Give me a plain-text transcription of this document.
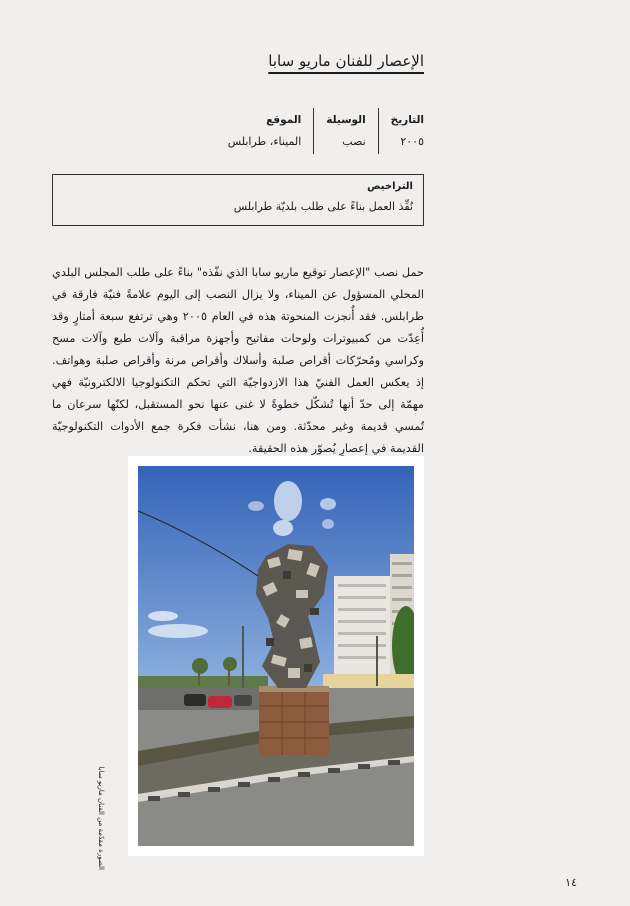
الإعصار للفنان ماريو سابا
التاريخ
٢٠٠٥
الوسيلة
نصب
الموقع
الميناء، طرابلس
التراخيص
نُفِّذ العمل بناءً على طلب بلديّة طرابلس
حمل نصب "الإعصار توقيع ماريو سابا الذي نفّذه" بناءً على طلب المجلس البلدي المحلي المسؤول عن الميناء، ولا يزال النصب إلى اليوم علامةً فنيّة فارقة في طرابلس. فقد أُنجزت المنحوتة هذه في العام ٢٠٠٥ وهي ترتفع سبعة أمتارٍ وقد أُعِدّت من كمبيوترات ولوحات مفاتيح وأجهزة مراقبة وآلات طبع وآلات مسح وكراسي ومُحرّكات أقراص صلبة وأسلاك وأقراص مرنة وأقراص صلبة وهواتف. إذ يعكس العمل الفنيّ هذا الازدواجيّة التي تحكم التكنولوجيا الالكترونيّة فهي مهمّة إلى حدّ أنها تُشكّل خطوةً لا غنى عنها نحو المستقبل، لكنّها سرعان ما تُمسي قديمة وغير محدّثة. ومن هنا، نشأت فكرة جمع الأدوات التكنولوجيّة القديمة في إعصارٍ يُصوّر هذه الحقيقة.
الصورة مقدّمة من الفنان ماريو سابا
١٤
